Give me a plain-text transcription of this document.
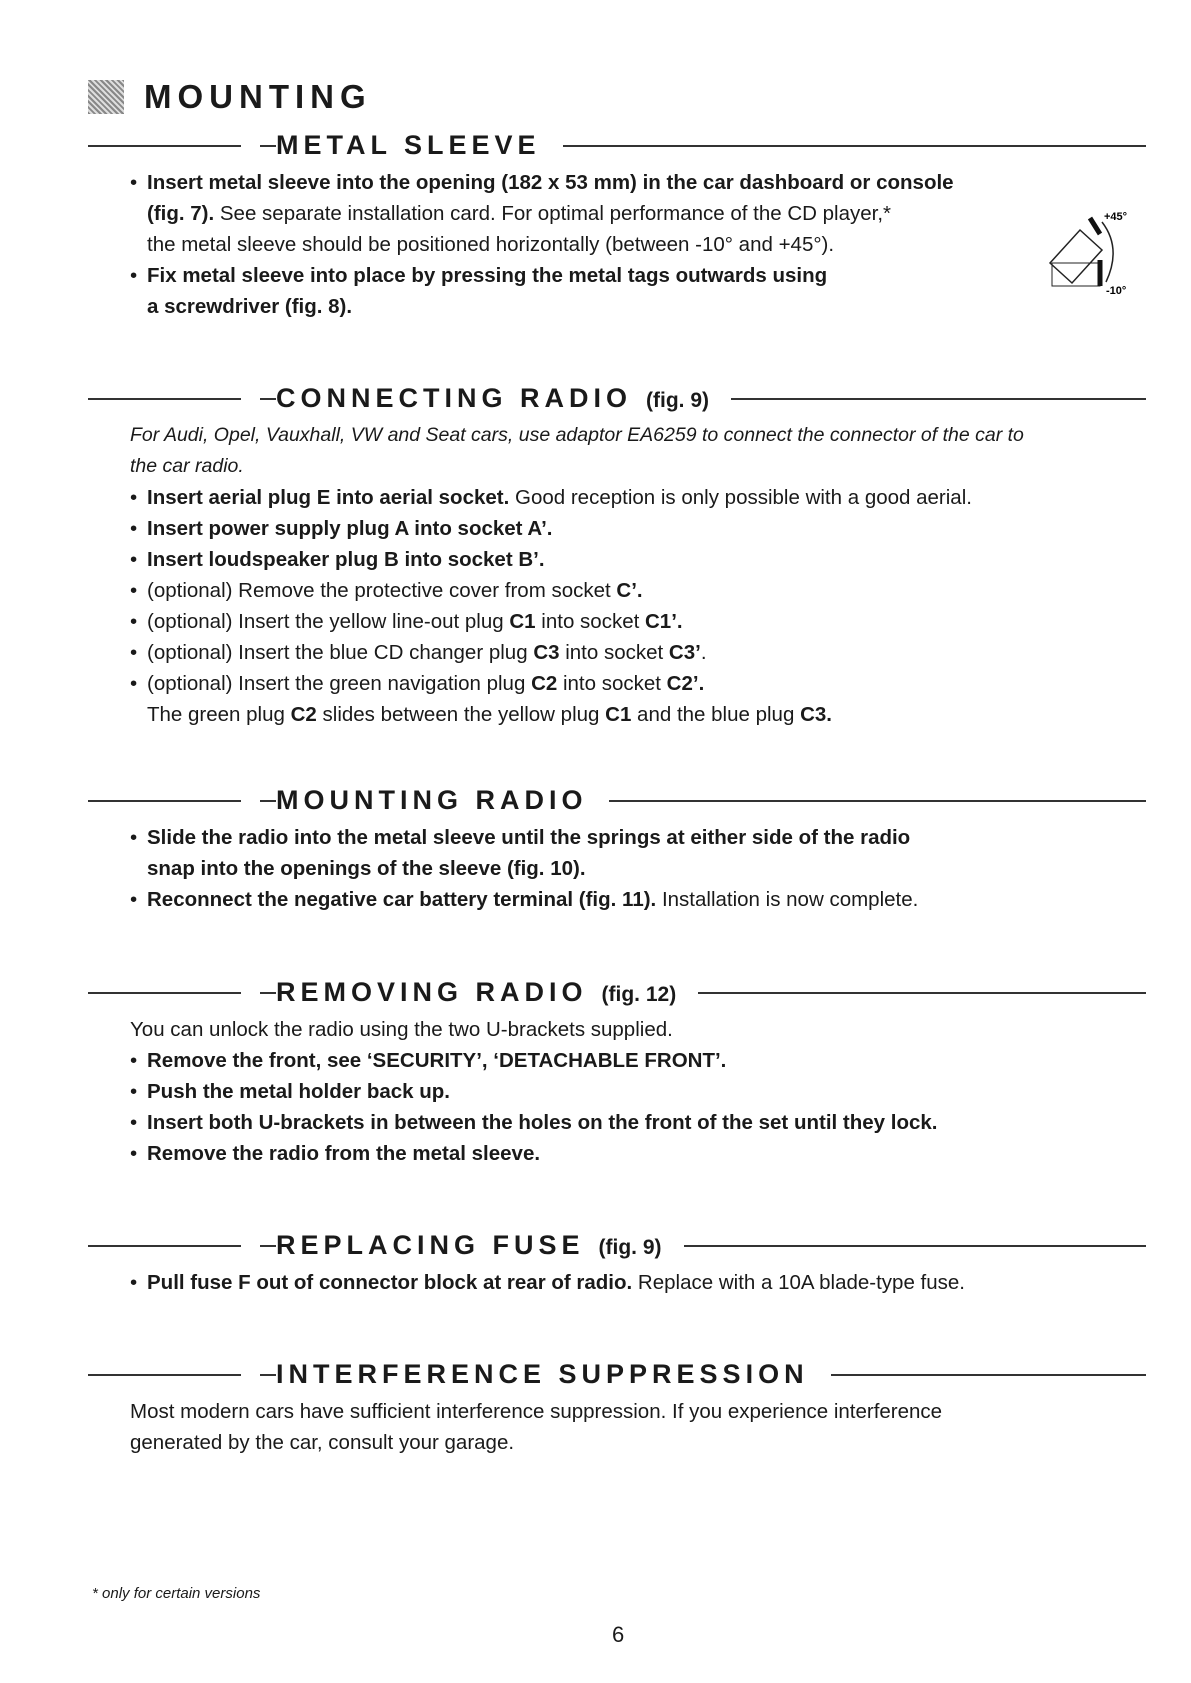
MOUNTING
METAL SLEEVE
• Insert metal sleeve into the opening (182 x 53 mm) in the car dashboard or console
(fig. 7). See separate installation card. For optimal performance of the CD player,*
the metal sleeve should be positioned horizontally (between -10° and +45°).
• Fix metal sleeve into place by pressing the metal tags outwards using
a screwdriver (fig. 8).
CONNECTING RADIO (fig. 9)
For Audi, Opel, Vauxhall, VW and Seat cars, use adaptor EA6259 to connect the connector of the car to
the car radio.
• Insert aerial plug E into aerial socket. Good reception is only possible with a good aerial.
• Insert power supply plug A into socket A’.
• Insert loudspeaker plug B into socket B’.
• (optional) Remove the protective cover from socket C’.
• (optional) Insert the yellow line-out plug C1 into socket C1’.
• (optional) Insert the blue CD changer plug C3 into socket C3’.
• (optional) Insert the green navigation plug C2 into socket C2’.
The green plug C2 slides between the yellow plug C1 and the blue plug C3.
MOUNTING RADIO
• Slide the radio into the metal sleeve until the springs at either side of the radio
snap into the openings of the sleeve (fig. 10).
• Reconnect the negative car battery terminal (fig. 11). Installation is now complete.
REMOVING RADIO (fig. 12)
You can unlock the radio using the two U-brackets supplied.
• Remove the front, see ‘SECURITY’, ‘DETACHABLE FRONT’.
• Push the metal holder back up.
• Insert both U-brackets in between the holes on the front of the set until they lock.
• Remove the radio from the metal sleeve.
REPLACING FUSE (fig. 9)
• Pull fuse F out of connector block at rear of radio. Replace with a 10A blade-type fuse.
INTERFERENCE SUPPRESSION
Most modern cars have sufficient interference suppression. If you experience interference
generated by the car, consult your garage.
+45°
-10°
* only for certain versions
6
